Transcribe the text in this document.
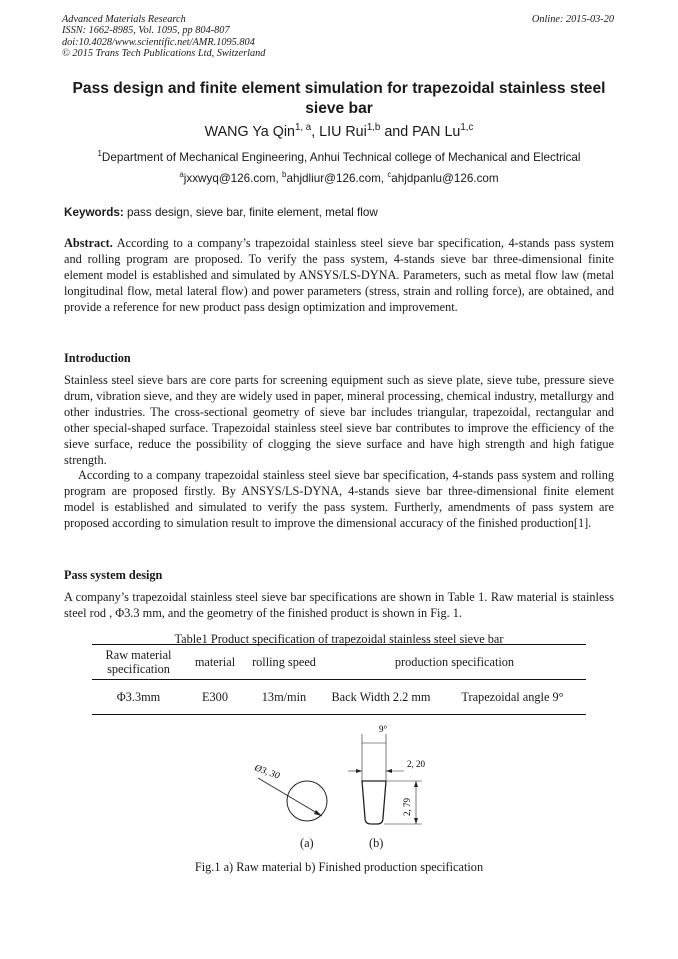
Advanced Materials Research
ISSN: 1662-8985, Vol. 1095, pp 804-807
doi:10.4028/www.scientific.net/AMR.1095.804
© 2015 Trans Tech Publications Ltd, Switzerland
Online: 2015-03-20
Pass design and finite element simulation for trapezoidal stainless steel sieve bar
WANG Ya Qin$^{1, a}$, LIU Rui$^{1,b}$ and PAN Lu$^{1,c}$
$^1$Department of Mechanical Engineering, Anhui Technical college of Mechanical and Electrical
$^a$jxxwyq@126.com, $^b$ahjdliur@126.com, $^c$ahjdpanlu@126.com
Keywords: pass design, sieve bar, finite element, metal flow
Abstract. According to a company’s trapezoidal stainless steel sieve bar specification, 4-stands pass system and rolling program are proposed. To verify the pass system, 4-stands sieve bar three-dimensional finite element model is established and simulated by ANSYS/LS-DYNA. Parameters, such as metal flow law (metal longitudinal flow, metal lateral flow) and power parameters (stress, strain and rolling force), are obtained, and provide a reference for new product pass design optimization and improvement.
Introduction
Stainless steel sieve bars are core parts for screening equipment such as sieve plate, sieve tube, pressure sieve drum, vibration sieve, and they are widely used in paper, mineral processing, chemical industry, metallurgy and other industries. The cross-sectional geometry of sieve bar includes triangular, trapezoidal, rectangular and other special-shaped surface. Trapezoidal stainless steel sieve bar contributes to improve the efficiency of the sieve surface, reduce the possibility of clogging the sieve surface and have high strength and high fatigue strength.
According to a company trapezoidal stainless steel sieve bar specification, 4-stands pass system and rolling program are proposed firstly. By ANSYS/LS-DYNA, 4-stands sieve bar three-dimensional finite element model is established and simulated to verify the pass system. Furtherly, amendments of pass system are proposed according to simulation result to improve the dimensional accuracy of the finished production[1].
Pass system design
A company’s trapezoidal stainless steel sieve bar specifications are shown in Table 1. Raw material is stainless steel rod , Φ3.3 mm, and the geometry of the finished product is shown in Fig. 1.
Table1 Product specification of trapezoidal stainless steel sieve bar
Raw material specification	material	rolling speed	production specification	
Φ3.3mm	E300	13m/min	Back Width 2.2 mm	Trapezoidal angle 9°
Ø3, 30
9°
2, 20
2, 79
(a)	(b)
Fig.1 a) Raw material b) Finished production specification
